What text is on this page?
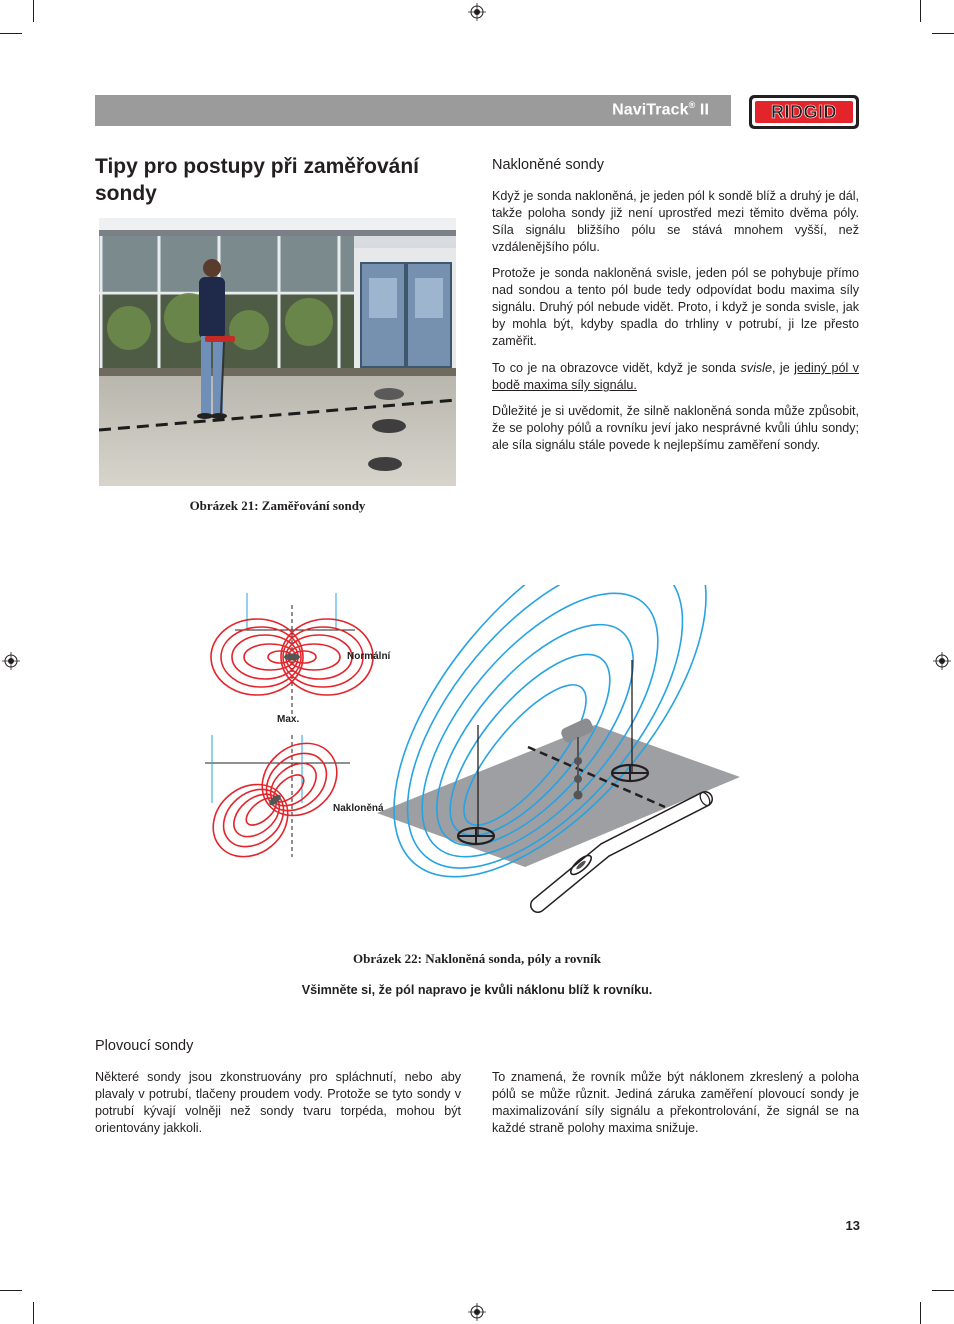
NaviTrack® II	RIDGID
Tipy pro postupy při zaměřování sondy
Obrázek 21: Zaměřování sondy
Nakloněné sondy

Když je sonda nakloněná, je jeden pól k sondě blíž a druhý je dál, takže poloha sondy již není uprostřed mezi těmito dvěma póly. Síla signálu bližšího pólu se stává mnohem vyšší, než vzdálenějšího pólu.

Protože je sonda nakloněná svisle, jeden pól se pohybuje přímo nad sondou a tento pól bude tedy odpovídat bodu maxima síly signálu. Druhý pól nebude vidět. Proto, i když je sonda svisle, jak by mohla být, kdyby spadla do trhliny v potrubí, ji lze přesto zaměřit.

To co je na obrazovce vidět, když je sonda svisle, je jediný pól v bodě maxima síly signálu.

Důležité je si uvědomit, že silně nakloněná sonda může způsobit, že se polohy pólů a rovníku jeví jako nesprávné kvůli úhlu sondy; ale síla signálu stále povede k nejlepšímu zaměření sondy.

Normální
Max.
Nakloněná
Obrázek 22: Nakloněná sonda, póly a rovník
Všimněte si, že pól napravo je kvůli náklonu blíž k rovníku.
Plovoucí sondy

Některé sondy jsou zkonstruovány pro spláchnutí, nebo aby plavaly v potrubí, tlačeny proudem vody. Protože se tyto sondy v potrubí kývají volněji než sondy tvaru torpéda, mohou být orientovány jakkoli.

To znamená, že rovník může být náklonem zkreslený a poloha pólů se může různit. Jediná záruka zaměření plovoucí sondy je maximalizování síly signálu a překontrolování, že signál se na každé straně polohy maxima snižuje.

13
